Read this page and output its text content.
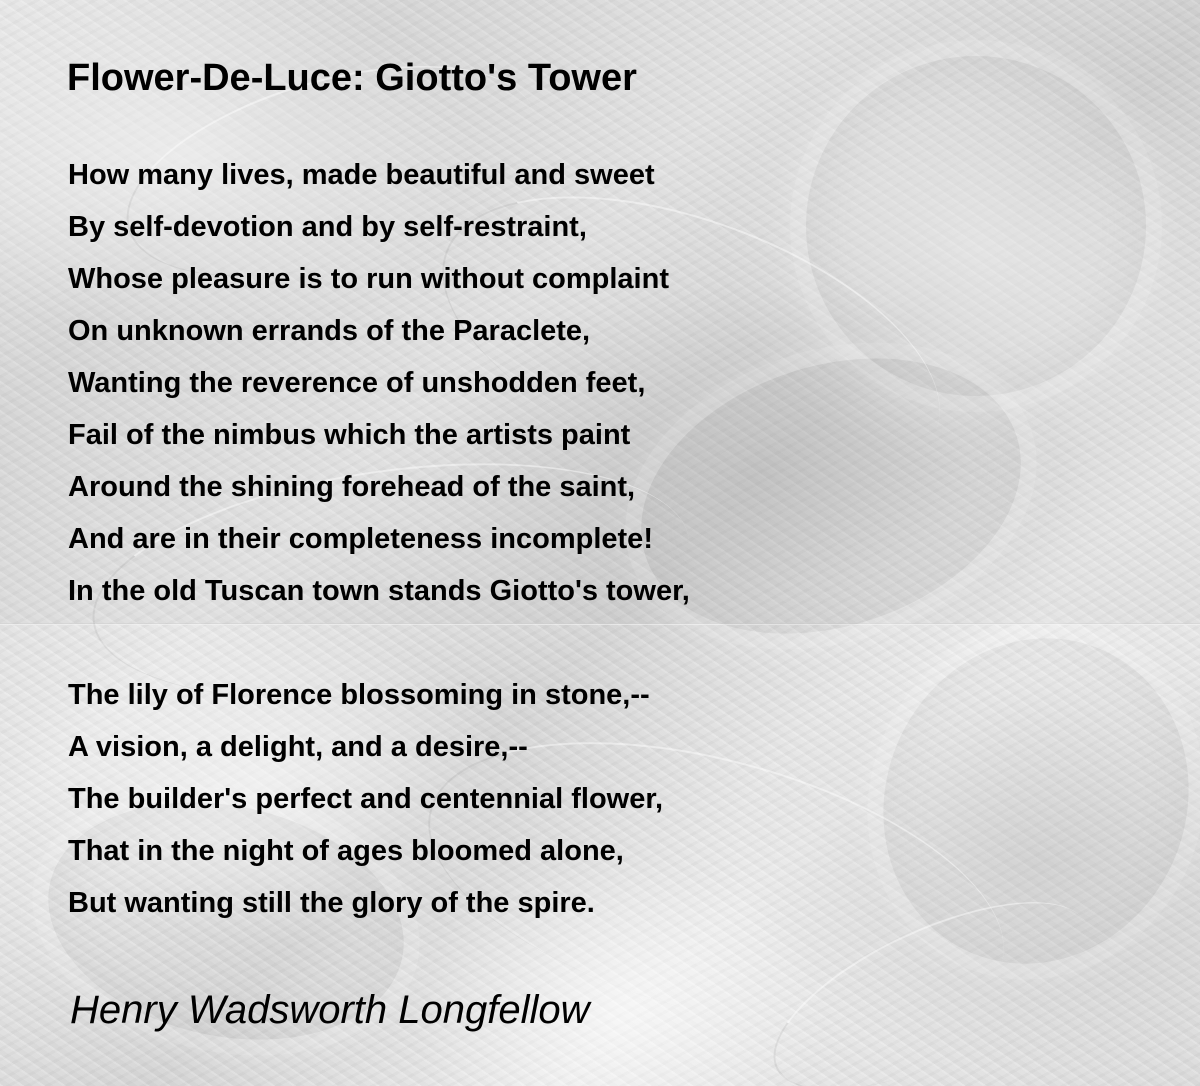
Flower-De-Luce: Giotto's Tower
How many lives, made beautiful and sweet
By self-devotion and by self-restraint,
Whose pleasure is to run without complaint
On unknown errands of the Paraclete,
Wanting the reverence of unshodden feet,
Fail of the nimbus which the artists paint
Around the shining forehead of the saint,
And are in their completeness incomplete!
In the old Tuscan town stands Giotto's tower,
The lily of Florence blossoming in stone,--
A vision, a delight, and a desire,--
The builder's perfect and centennial flower,
That in the night of ages bloomed alone,
But wanting still the glory of the spire.

Henry Wadsworth Longfellow
